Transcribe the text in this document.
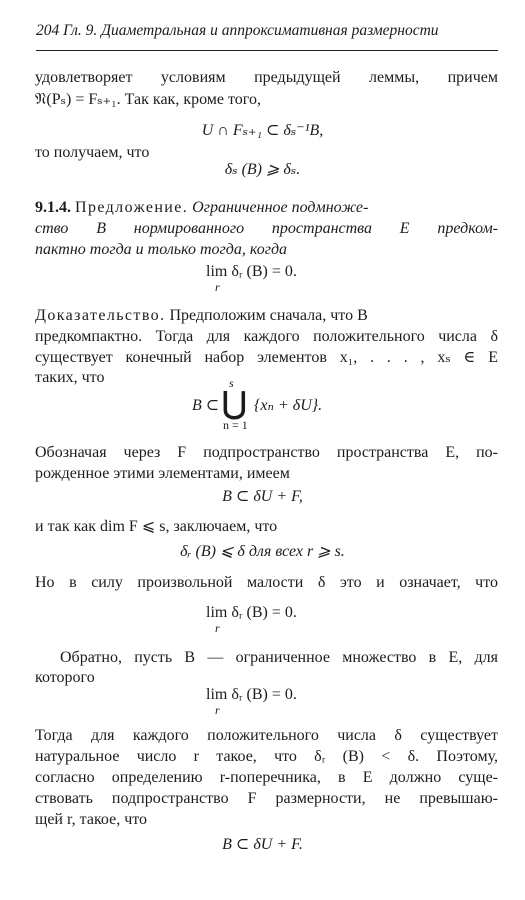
204 Гл. 9. Диаметральная и аппроксимативная размерности
удовлетворяет условиям предыдущей леммы, причем
𝔑(Pₛ) = Fₛ₊₁. Так как, кроме того,
U ∩ Fₛ₊₁ ⊂ δₛ⁻¹B,
то получаем, что
δₛ (B) ⩾ δₛ.
9.1.4. Предложение. Ограниченное подмноже-
ство B нормированного пространства E предком-
пактно тогда и только тогда, когда
lim δᵣ (B) = 0.
r
Доказательство. Предположим сначала, что B
предкомпактно. Тогда для каждого положительного числа δ
существует конечный набор элементов x₁, . . . , xₛ ∈ E
таких, что
B ⊂ ⋃
s
n = 1
{xₙ + δU}.
Обозначая через F подпространство пространства E, по-
рожденное этими элементами, имеем
B ⊂ δU + F,
и так как dim F ⩽ s, заключаем, что
δᵣ (B) ⩽ δ для всех r ⩾ s.
Но в силу произвольной малости δ это и означает, что
lim δᵣ (B) = 0.
r
Обратно, пусть B — ограниченное множество в E, для
которого
lim δᵣ (B) = 0.
r
Тогда для каждого положительного числа δ существует
натуральное число r такое, что δᵣ (B) < δ. Поэтому,
согласно определению r-поперечника, в E должно суще-
ствовать подпространство F размерности, не превышаю-
щей r, такое, что
B ⊂ δU + F.
